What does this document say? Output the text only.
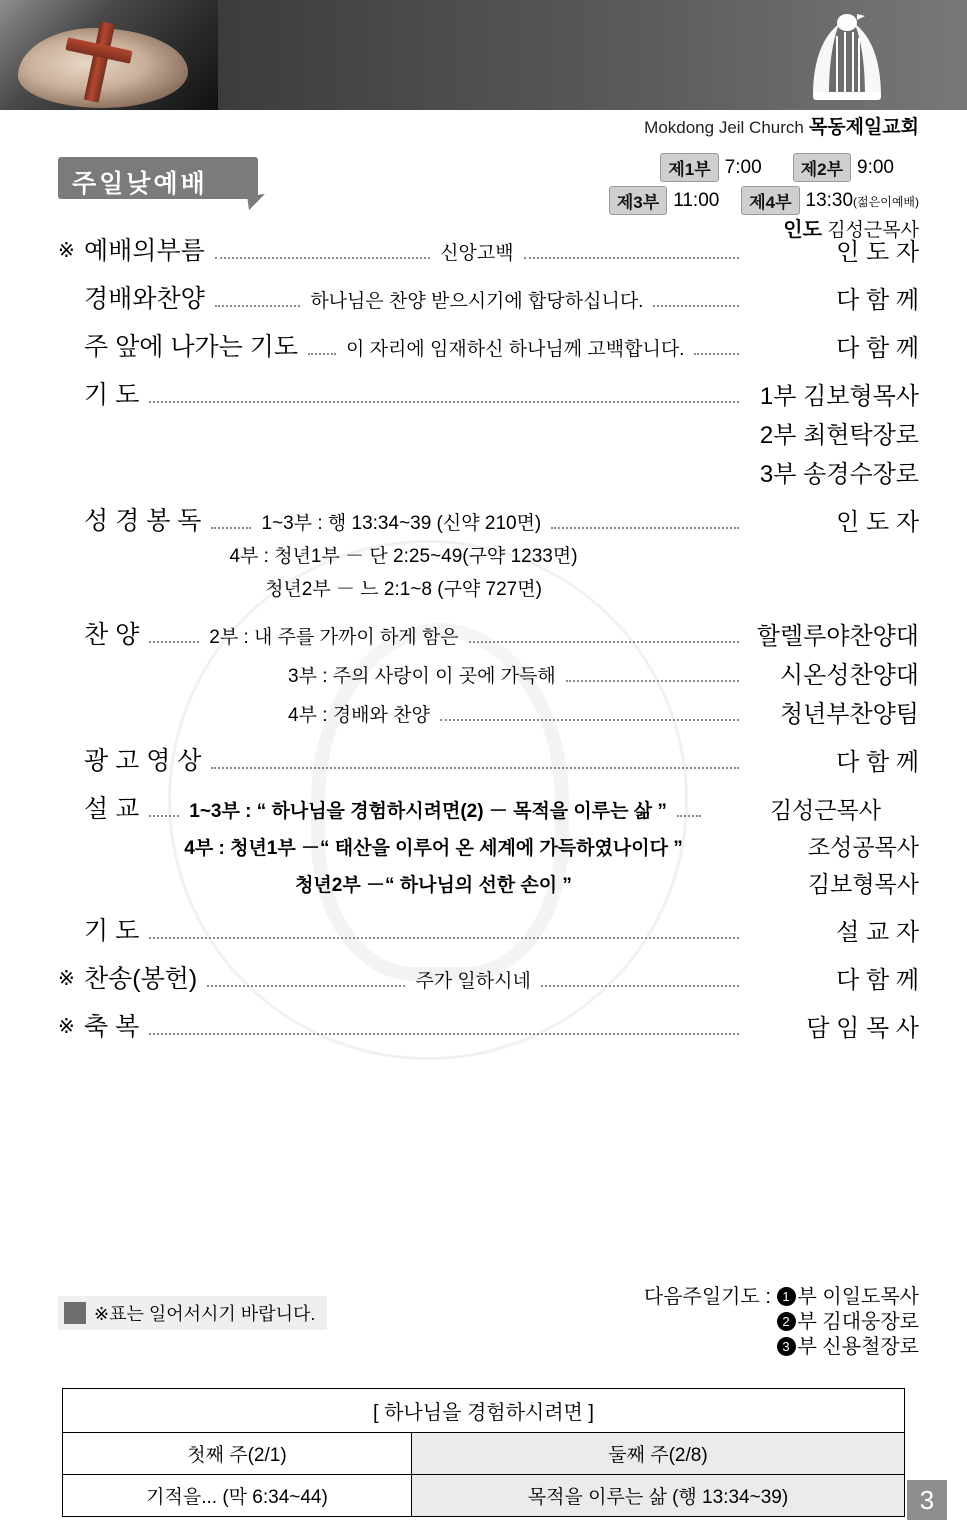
Mokdong Jeil Church 목동제일교회
주일낮예배
제1부 7:00	제2부 9:00
제3부 11:00	제4부 13:30(젊은이예배)
인도 김성근목사
※ 예배의부름	신앙고백	인 도 자
경배와찬양	하나님은 찬양 받으시기에 합당하십니다.	다 함 께
주 앞에 나가는 기도	이 자리에 임재하신 하나님께 고백합니다.	다 함 께
기 도	1부 김보형목사
2부 최현탁장로
3부 송경수장로
성 경 봉 독	1~3부 : 행 13:34~39 (신약 210면)	인 도 자
4부 : 청년1부 － 단 2:25~49(구약 1233면)
청년2부 － 느 2:1~8 (구약 727면)
찬 양	2부 : 내 주를 가까이 하게 함은	할렐루야찬양대
3부 : 주의 사랑이 이 곳에 가득해	시온성찬양대
4부 : 경배와 찬양	청년부찬양팀
광 고 영 상	다 함 께
설 교	1~3부 : “ 하나님을 경험하시려면(2) － 목적을 이루는 삶 ”	김성근목사
4부 : 청년1부 －“ 태산을 이루어 온 세계에 가득하였나이다 ”	조성공목사
청년2부 －“ 하나님의 선한 손이 ”	김보형목사
기 도	설 교 자
※ 찬송(봉헌)	주가 일하시네	다 함 께
※ 축 복	담 임 목 사
※표는 일어서시기 바랍니다.
다음주일기도 : 1 부 이일도목사
2 부 김대웅장로
3 부 신용철장로
[ 하나님을 경험하시려면 ]	
첫째 주(2/1)	둘째 주(2/8)
기적을... (막 6:34~44)	목적을 이루는 삶 (행 13:34~39)	3
